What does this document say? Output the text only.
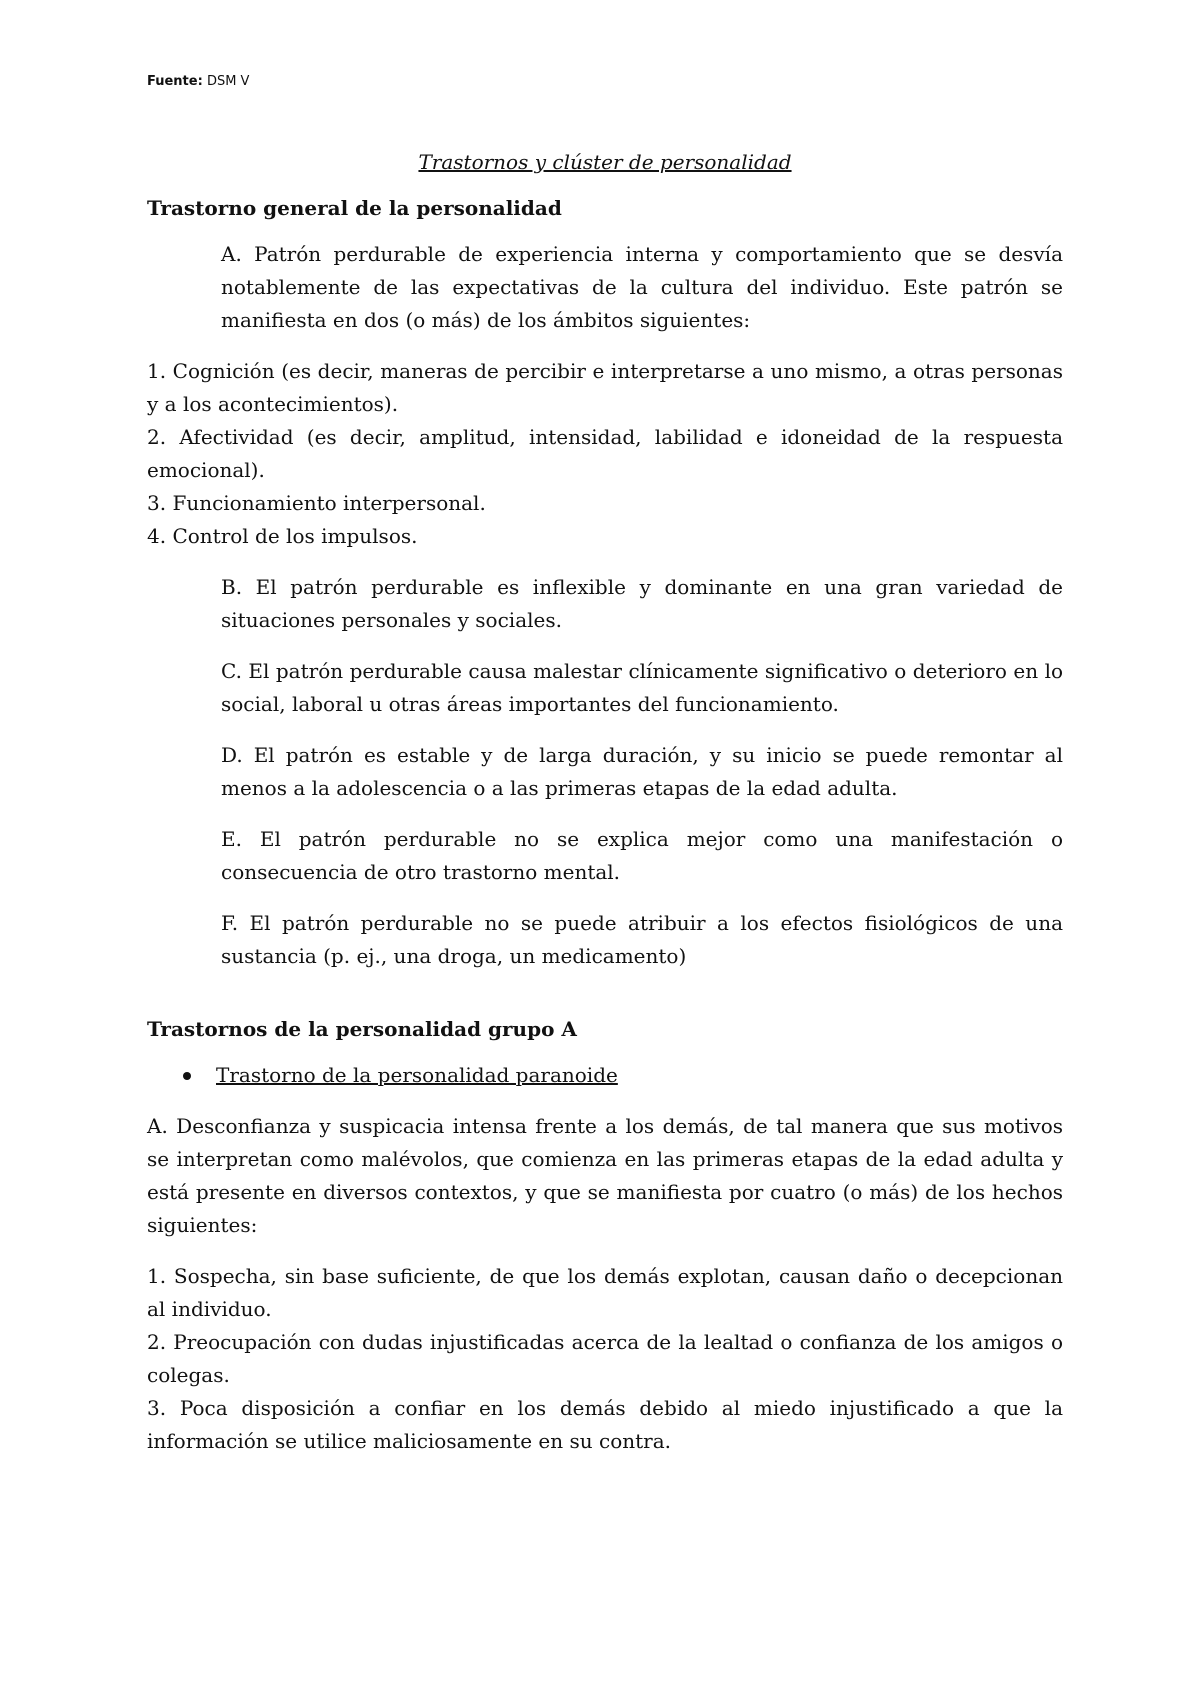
Fuente: DSM V
Trastornos y clúster de personalidad
Trastorno general de la personalidad

A. Patrón perdurable de experiencia interna y comportamiento que se desvía notablemente de las expectativas de la cultura del individuo. Este patrón se manifiesta en dos (o más) de los ámbitos siguientes:

1. Cognición (es decir, maneras de percibir e interpretarse a uno mismo, a otras personas y a los acontecimientos).

2. Afectividad (es decir, amplitud, intensidad, labilidad e idoneidad de la respuesta emocional).

3. Funcionamiento interpersonal.

4. Control de los impulsos.

B. El patrón perdurable es inflexible y dominante en una gran variedad de situaciones personales y sociales.

C. El patrón perdurable causa malestar clínicamente significativo o deterioro en lo social, laboral u otras áreas importantes del funcionamiento.

D. El patrón es estable y de larga duración, y su inicio se puede remontar al menos a la adolescencia o a las primeras etapas de la edad adulta.

E. El patrón perdurable no se explica mejor como una manifestación o consecuencia de otro trastorno mental.

F. El patrón perdurable no se puede atribuir a los efectos fisiológicos de una sustancia (p. ej., una droga, un medicamento)

Trastornos de la personalidad grupo A
Trastorno de la personalidad paranoide

A. Desconfianza y suspicacia intensa frente a los demás, de tal manera que sus motivos se interpretan como malévolos, que comienza en las primeras etapas de la edad adulta y está presente en diversos contextos, y que se manifiesta por cuatro (o más) de los hechos siguientes:

1. Sospecha, sin base suficiente, de que los demás explotan, causan daño o decepcionan al individuo.

2. Preocupación con dudas injustificadas acerca de la lealtad o confianza de los amigos o colegas.

3. Poca disposición a confiar en los demás debido al miedo injustificado a que la información se utilice maliciosamente en su contra.
